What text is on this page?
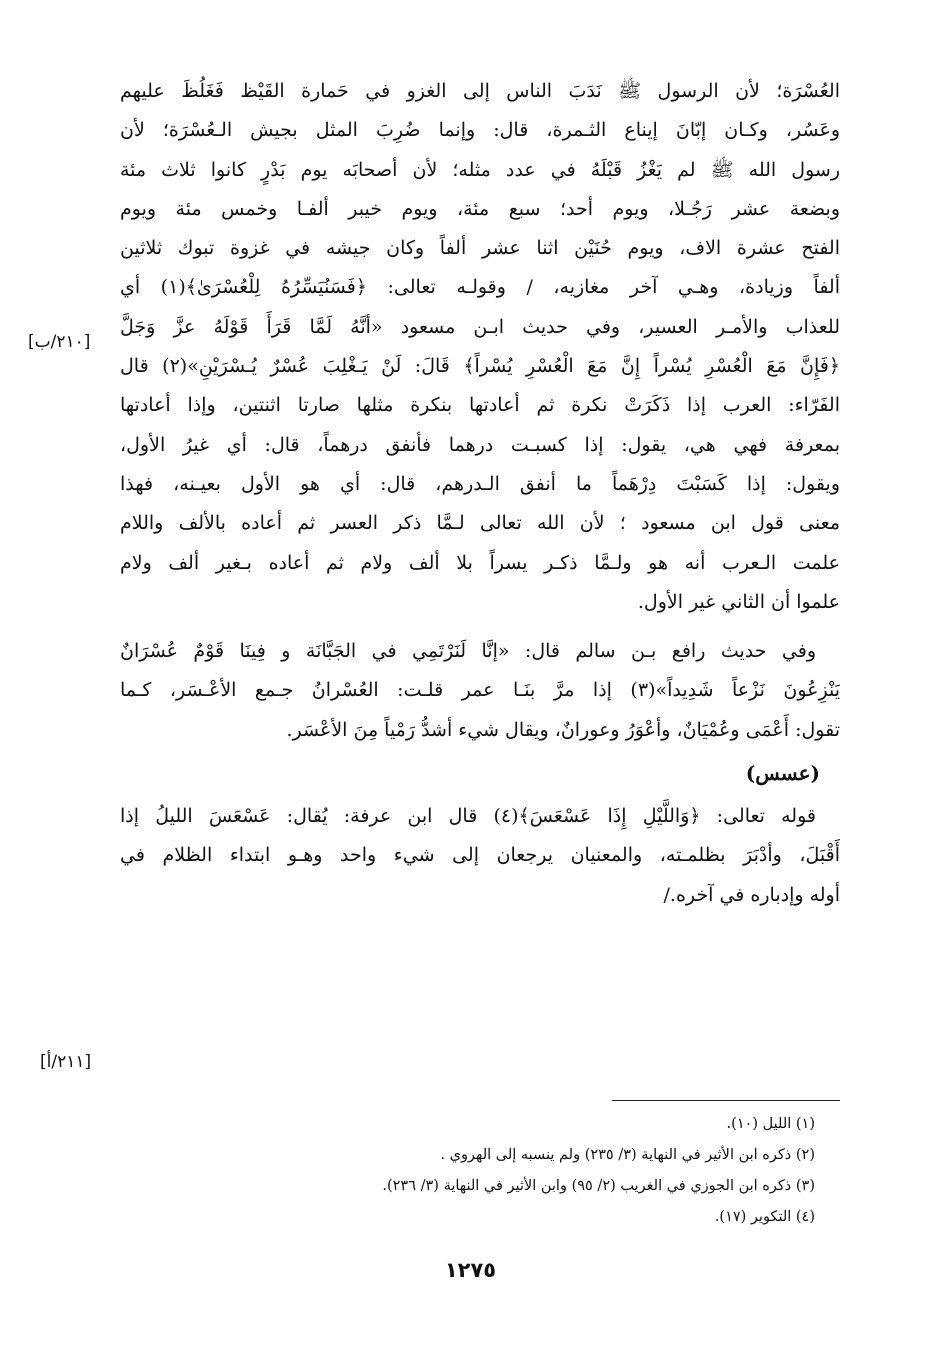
العُسْرَة؛ لأن الرسول ﷺ نَدَبَ الناس إلى الغزو في حَمارة القَيْظ فَغَلُظَ عليهم
وعَسُر، وكـان إبّانَ إيناع الثـمرة، قال: وإنما ضُرِبَ المثل بجيش الـعُسْرَة؛ لأن
رسول الله ﷺ لم يَغْزُ قَبْلَهُ في عدد مثله؛ لأن أصحابَه يوم بَدْرٍ كانوا ثلاث مئة
وبضعة عشر رَجُـلا، ويوم أحد؛ سبع مئة، ويوم خيبر ألفـا وخمس مئة ويوم
الفتح عشرة الاف، ويوم حُنَيْن اثنا عشر ألفاً وكان جيشه في غزوة تبوك ثلاثين
ألفاً وزيادة، وهـي آخر مغازيه، / وقولـه تعالى: ﴿فَسَنُيَسِّرُهُ لِلْعُسْرَىٰ﴾(١) أي
للعذاب والأمـر العسير، وفي حديث ابـن مسعود «أنَّهُ لَمَّا قَرَأَ قَوْلَهُ عزَّ وَجَلَّ
﴿فَإِنَّ مَعَ الْعُسْرِ يُسْراً إِنَّ مَعَ الْعُسْرِ يُسْراً﴾ قَالَ: لَنْ يَـغْلِبَ عُسْرٌ يُـسْرَيْنِ»(٢) قال
الفَرّاء: العرب إذا ذَكَرَتْ نكرة ثم أعادتها بنكرة مثلها صارتا اثنتين، وإذا أعادتها
بمعرفة فهي هي، يقول: إذا كسبـت درهما فأنفق درهماً، قال: أي غيرُ الأول،
ويقول: إذا كَسَبْتَ دِرْهَماً ما أنفق الـدرهم، قال: أي هو الأول بعيـنه، فهذا
معنى قول ابن مسعود ؛ لأن الله تعالى لـمَّا ذكر العسر ثم أعاده بالألف واللام
علمت الـعرب أنه هو ولـمَّا ذكـر يسراً بلا ألف ولام ثم أعاده بـغير ألف ولام
علموا أن الثاني غير الأول.
وفي حديث رافع بـن سالم قال: «إنَّا لَنَرْتَمِي في الجَبَّانَة و فِينَا قَوْمٌ عُسْرَانٌ
يَنْزِعُونَ نَزْعاً شَدِيداً»(٣) إذا مرَّ بنَـا عمر قلـت: العُسْرانُ جـمع الأعْـسَر، كـما
تقول: أَعْمَى وعُمْيَانٌ، وأعْوَرُ وعورانٌ، ويقال شيء أشدُّ رَمْياً مِنَ الأعْسَر.
(عسس)
قوله تعالى: ﴿وَاللَّيْلِ إِذَا عَسْعَسَ﴾(٤) قال ابن عرفة: يُقال: عَسْعَسَ الليلُ إذا
أَقْبَلَ، وأدْبَرَ بظلمـته، والمعنيان يرجعان إلى شيء واحد وهـو ابتداء الظلام في
أوله وإدباره في آخره./
[٢١٠/ب]
[٢١١/أ]
(١) الليل (١٠).
(٢) ذكره ابن الأثير في النهاية (٣/ ٢٣٥) ولم ينسبه إلى الهروي .
(٣) ذكره ابن الجوزي في الغريب (٢/ ٩٥) وابن الأثير في النهاية (٣/ ٢٣٦).
(٤) التكوير (١٧).
١٢٧٥
